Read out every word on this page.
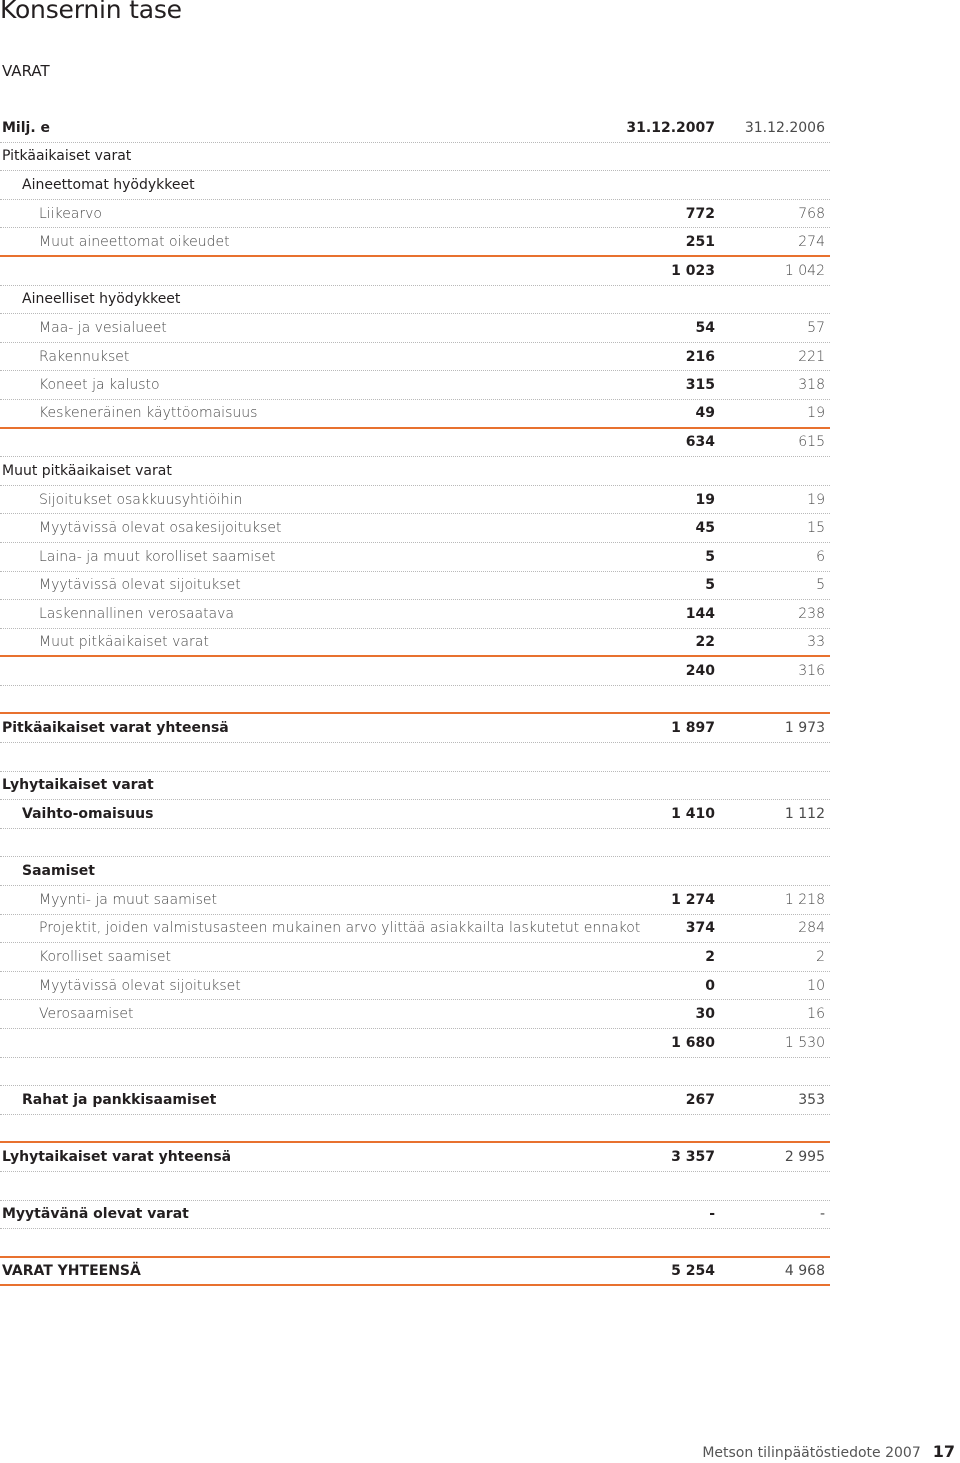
Konsernin tase
VARAT
Milj. e	31.12.2007 31.12.2006
Pitkäaikaiset varat
Aineettomat hyödykkeet
Liikearvo	772	768
Muut aineettomat oikeudet	251	274
1 023	1 042
Aineelliset hyödykkeet
Maa- ja vesialueet	54	57
Rakennukset	216	221
Koneet ja kalusto	315	318
Keskeneräinen käyttöomaisuus	49	19
634	615
Muut pitkäaikaiset varat
Sijoitukset osakkuusyhtiöihin	19	19
Myytävissä olevat osakesijoitukset	45	15
Laina- ja muut korolliset saamiset	5	6
Myytävissä olevat sijoitukset	5	5
Laskennallinen verosaatava	144	238
Muut pitkäaikaiset varat	22	33
240	316
Pitkäaikaiset varat yhteensä	1 897	1 973
Lyhytaikaiset varat
Vaihto-omaisuus	1 410	1 112
Saamiset
Myynti- ja muut saamiset	1 274	1 218
Projektit, joiden valmistusasteen mukainen arvo ylittää asiakkailta laskutetut ennakot	374	284
Korolliset saamiset	2	2
Myytävissä olevat sijoitukset	0	10
Verosaamiset	30	16
1 680	1 530
Rahat ja pankkisaamiset	267	353
Lyhytaikaiset varat yhteensä	3 357	2 995
Myytävänä olevat varat	-	-
VARAT YHTEENSÄ	5 254	4 968
Metson tilinpäätöstiedote 2007 17
